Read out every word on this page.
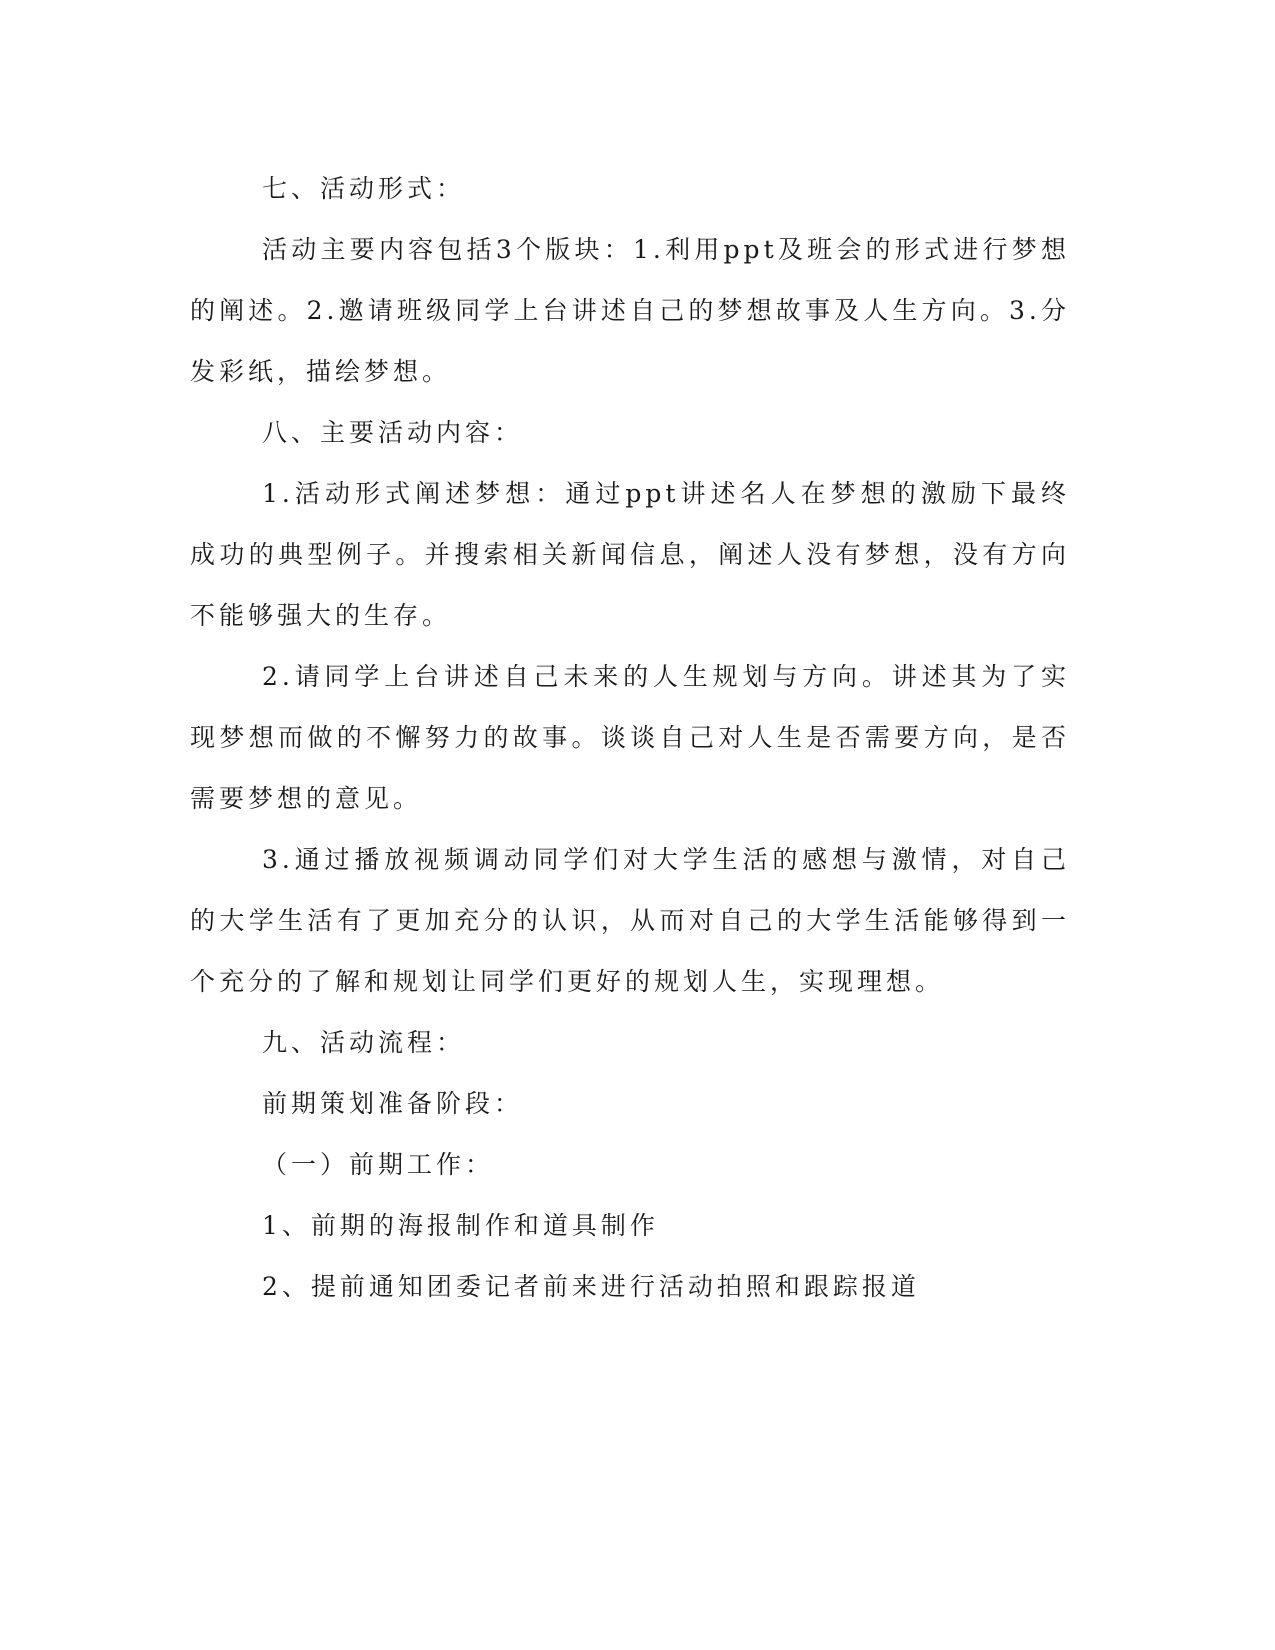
七、活动形式：

活动主要内容包括3个版块：1.利用ppt及班会的形式进行梦想的阐述。2.邀请班级同学上台讲述自己的梦想故事及人生方向。3.分发彩纸，描绘梦想。

八、主要活动内容：

1.活动形式阐述梦想：通过ppt讲述名人在梦想的激励下最终成功的典型例子。并搜索相关新闻信息，阐述人没有梦想，没有方向不能够强大的生存。

2.请同学上台讲述自己未来的人生规划与方向。讲述其为了实现梦想而做的不懈努力的故事。谈谈自己对人生是否需要方向，是否需要梦想的意见。

3.通过播放视频调动同学们对大学生活的感想与激情，对自己的大学生活有了更加充分的认识，从而对自己的大学生活能够得到一个充分的了解和规划让同学们更好的规划人生，实现理想。

九、活动流程：

前期策划准备阶段：

（一）前期工作：

1、前期的海报制作和道具制作

2、提前通知团委记者前来进行活动拍照和跟踪报道
